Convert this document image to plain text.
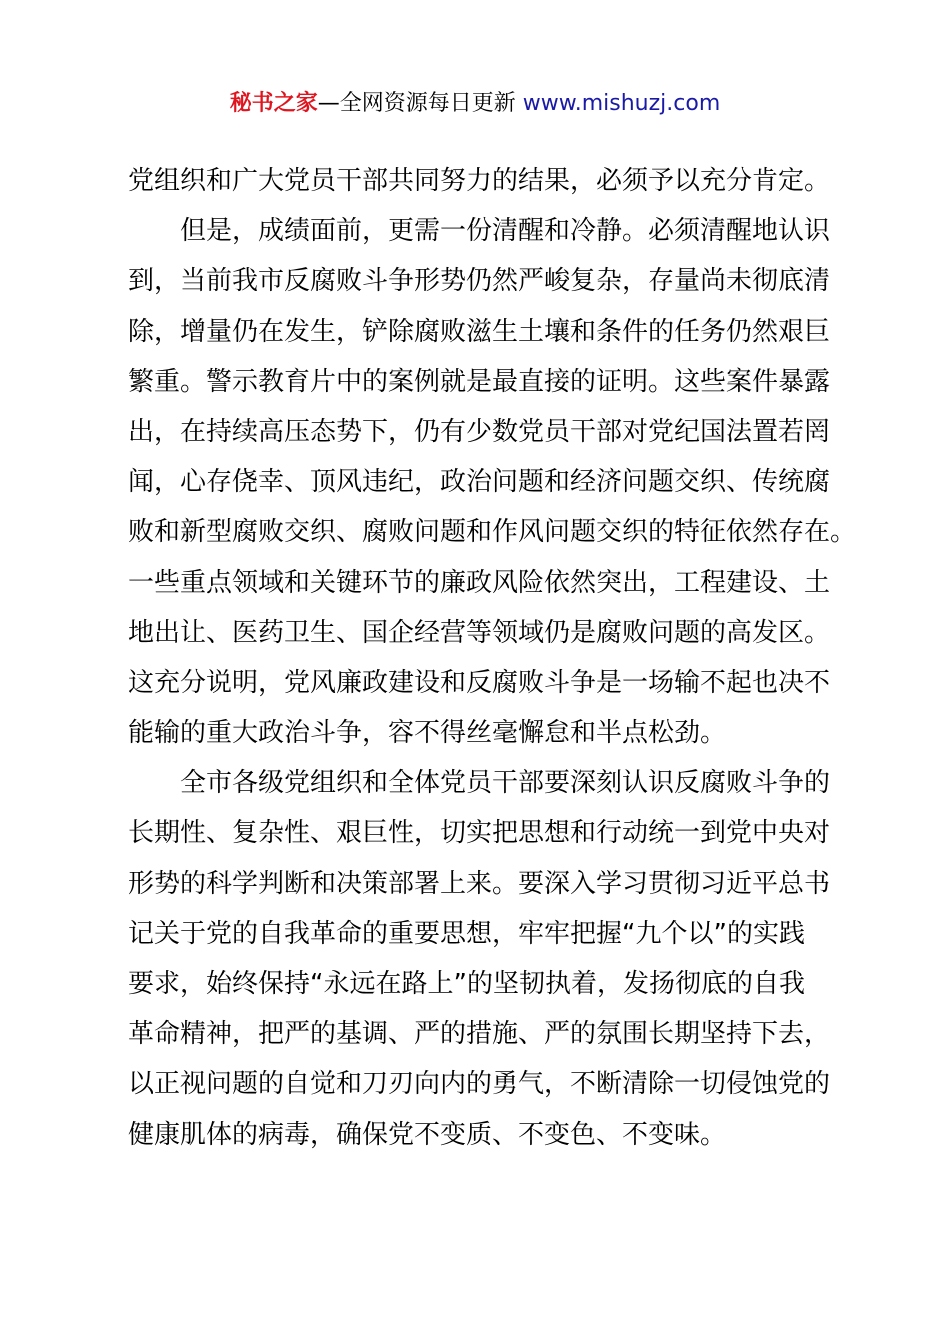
秘书之家—全网资源每日更新 www.mishuzj.com
党组织和广大党员干部共同努力的结果，必须予以充分肯定。
但是，成绩面前，更需一份清醒和冷静。必须清醒地认识
到，当前我市反腐败斗争形势仍然严峻复杂，存量尚未彻底清
除，增量仍在发生，铲除腐败滋生土壤和条件的任务仍然艰巨
繁重。警示教育片中的案例就是最直接的证明。这些案件暴露
出，在持续高压态势下，仍有少数党员干部对党纪国法置若罔
闻，心存侥幸、顶风违纪，政治问题和经济问题交织、传统腐
败和新型腐败交织、腐败问题和作风问题交织的特征依然存在。
一些重点领域和关键环节的廉政风险依然突出，工程建设、土
地出让、医药卫生、国企经营等领域仍是腐败问题的高发区。
这充分说明，党风廉政建设和反腐败斗争是一场输不起也决不
能输的重大政治斗争，容不得丝毫懈怠和半点松劲。
全市各级党组织和全体党员干部要深刻认识反腐败斗争的
长期性、复杂性、艰巨性，切实把思想和行动统一到党中央对
形势的科学判断和决策部署上来。要深入学习贯彻习近平总书
记关于党的自我革命的重要思想，牢牢把握“九个以”的实践
要求，始终保持“永远在路上”的坚韧执着，发扬彻底的自我
革命精神，把严的基调、严的措施、严的氛围长期坚持下去，
以正视问题的自觉和刀刃向内的勇气，不断清除一切侵蚀党的
健康肌体的病毒，确保党不变质、不变色、不变味。
